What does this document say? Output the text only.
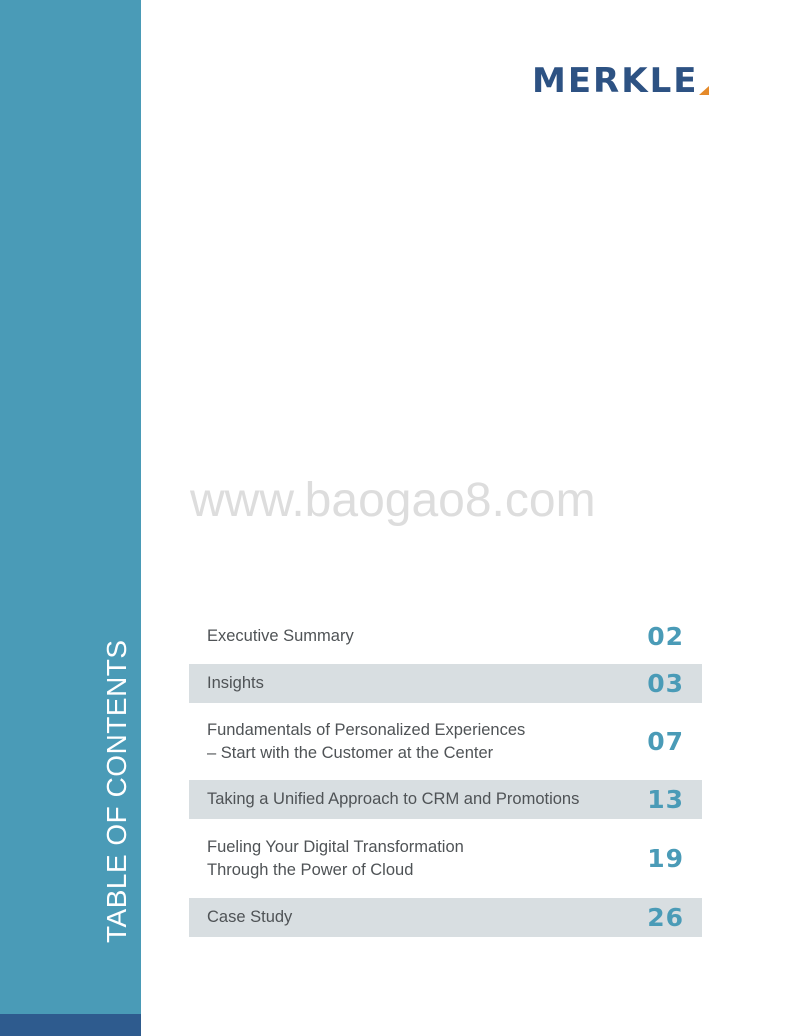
TABLE OF CONTENTS
MERKLE
www.baogao8.com
Executive Summary	02
Insights	03
Fundamentals of Personalized Experiences
– Start with the Customer at the Center	07
Taking a Unified Approach to CRM and Promotions	13
Fueling Your Digital Transformation
Through the Power of Cloud	19
Case Study	26
